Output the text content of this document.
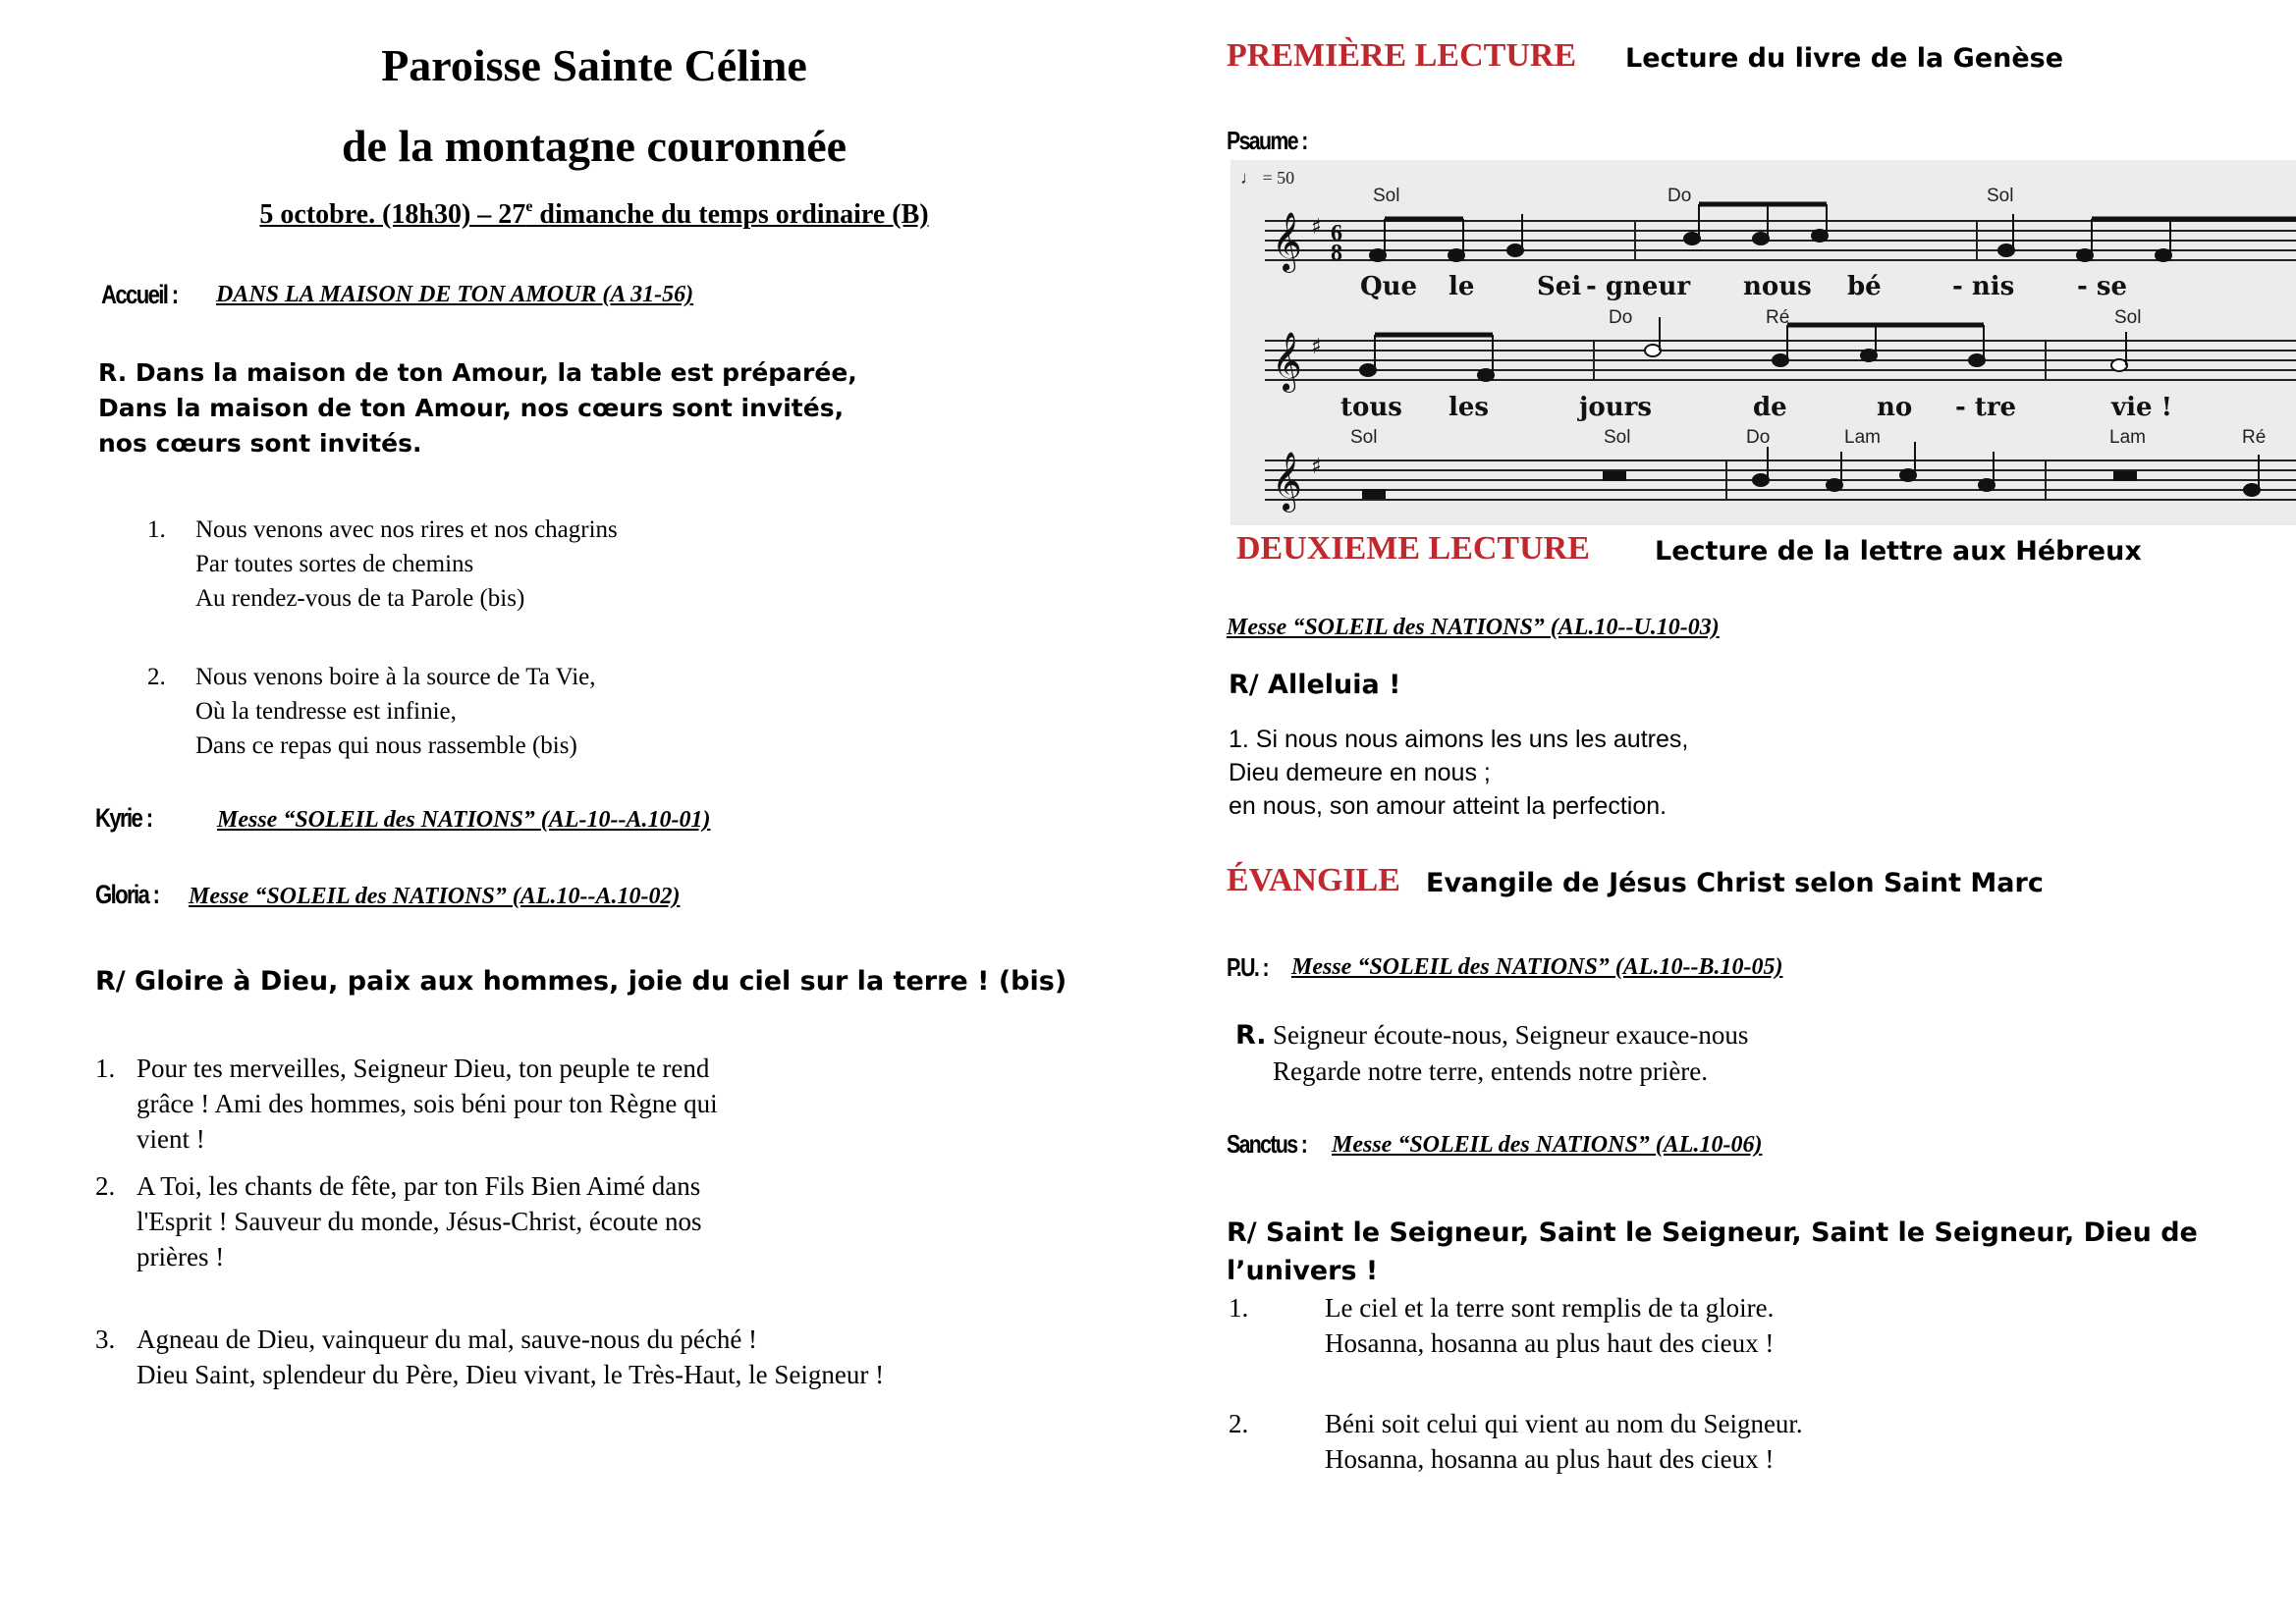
Paroisse Sainte Céline
de la montagne couronnée
5 octobre. (18h30) – 27e dimanche du temps ordinaire (B)
Accueil :	DANS LA MAISON DE TON AMOUR (A 31-56)
R. Dans la maison de ton Amour, la table est préparée,
Dans la maison de ton Amour, nos cœurs sont invités,
nos cœurs sont invités.
1. Nous venons avec nos rires et nos chagrins
Par toutes sortes de chemins
Au rendez-vous de ta Parole (bis)
2. Nous venons boire à la source de Ta Vie,
Où la tendresse est infinie,
Dans ce repas qui nous rassemble (bis)
Kyrie :	Messe “SOLEIL des NATIONS” (AL-10--A.10-01)
Gloria :	Messe “SOLEIL des NATIONS” (AL.10--A.10-02)
R/ Gloire à Dieu, paix aux hommes, joie du ciel sur la terre ! (bis)
1. Pour tes merveilles, Seigneur Dieu, ton peuple te rend
grâce ! Ami des hommes, sois béni pour ton Règne qui
vient !
2. A Toi, les chants de fête, par ton Fils Bien Aimé dans
l'Esprit ! Sauveur du monde, Jésus-Christ, écoute nos
prières !
3. Agneau de Dieu, vainqueur du mal, sauve-nous du péché !
Dieu Saint, splendeur du Père, Dieu vivant, le Très-Haut, le Seigneur !
PREMIÈRE LECTURE Lecture du livre de la Genèse
Psaume :
𝄞
𝄞
𝄞
♯
♯
♯
6
8
♩ = 50
Sol	Do	Sol
Do	Ré	Sol
Sol	Sol	Do	Lam	Lam	Ré
Que le Sei - gneur nous bé	- nis - se
tous les	jours	de	no - tre	vie !
DEUXIEME LECTURE Lecture de la lettre aux Hébreux
Messe “SOLEIL des NATIONS” (AL.10--U.10-03)
R/ Alleluia !
1. Si nous nous aimons les uns les autres,
Dieu demeure en nous ;
en nous, son amour atteint la perfection.
ÉVANGILE Evangile de Jésus Christ selon Saint Marc
P.U. :	Messe “SOLEIL des NATIONS” (AL.10--B.10-05)
R. Seigneur écoute-nous, Seigneur exauce-nous
Regarde notre terre, entends notre prière.
Sanctus :	Messe “SOLEIL des NATIONS” (AL.10-06)
R/ Saint le Seigneur, Saint le Seigneur, Saint le Seigneur, Dieu de
l’univers !
1.	Le ciel et la terre sont remplis de ta gloire.
Hosanna, hosanna au plus haut des cieux !
2.	Béni soit celui qui vient au nom du Seigneur.
Hosanna, hosanna au plus haut des cieux !
